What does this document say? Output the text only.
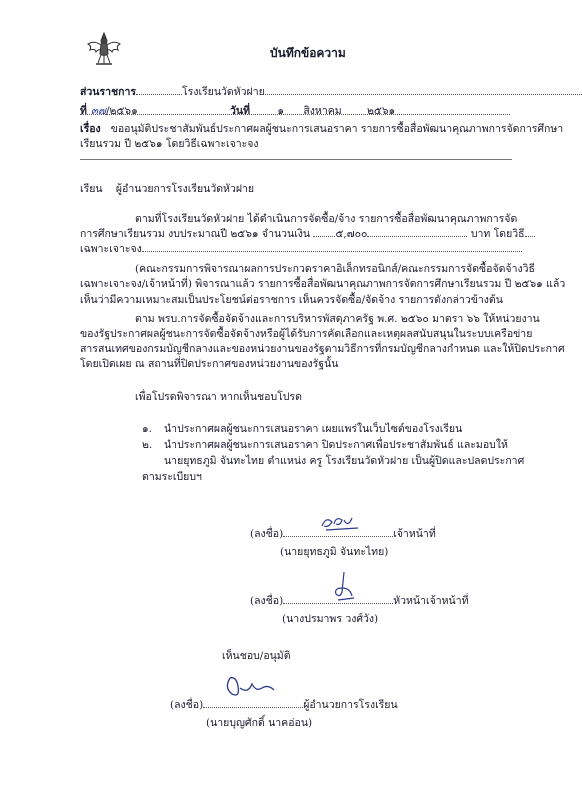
บันทึกข้อความ
ส่วนราชการ	โรงเรียนวัดหัวฝาย
ที่ ๓๗/๒๕๖๑	วันที่	๑ สิงหาคม ๒๕๖๑
เรื่อง ขออนุมัติประชาสัมพันธ์ประกาศผลผู้ชนะการเสนอราคา รายการซื้อสื่อพัฒนาคุณภาพการจัดการศึกษา
เรียนรวม ปี ๒๕๖๑ โดยวิธีเฉพาะเจาะจง
เรียน ผู้อำนวยการโรงเรียนวัดหัวฝาย
ตามที่โรงเรียนวัดหัวฝาย ได้ดำเนินการจัดซื้อ/จ้าง รายการซื้อสื่อพัฒนาคุณภาพการจัด
การศึกษาเรียนรวม งบประมาณปี ๒๕๖๑ จำนวนเงิน ๕,๗๐๐	บาท โดยวิธี
เฉพาะเจาะจง
(คณะกรรมการพิจารณาผลการประกวดราคาอิเล็กทรอนิกส์/คณะกรรมการจัดซื้อจัดจ้างวิธี
เฉพาะเจาะจง/เจ้าหน้าที่) พิจารณาแล้ว รายการซื้อสื่อพัฒนาคุณภาพการจัดการศึกษาเรียนรวม ปี ๒๕๖๑ แล้ว
เห็นว่ามีความเหมาะสมเป็นประโยชน์ต่อราชการ เห็นควรจัดซื้อ/จัดจ้าง รายการดังกล่าวข้างต้น
ตาม พรบ.การจัดซื้อจัดจ้างและการบริหารพัสดุภาครัฐ พ.ศ. ๒๕๖๐ มาตรา ๖๖ ให้หน่วยงาน
ของรัฐประกาศผลผู้ชนะการจัดซื้อจัดจ้างหรือผู้ได้รับการคัดเลือกและเหตุผลสนับสนุนในระบบเครือข่าย
สารสนเทศของกรมบัญชีกลางและของหน่วยงานของรัฐตามวิธีการที่กรมบัญชีกลางกำหนด และให้ปิดประกาศ
โดยเปิดเผย ณ สถานที่ปิดประกาศของหน่วยงานของรัฐนั้น
เพื่อโปรดพิจารณา หากเห็นชอบโปรด
๑. นำประกาศผลผู้ชนะการเสนอราคา เผยแพร่ในเว็บไซต์ของโรงเรียน
๒. นำประกาศผลผู้ชนะการเสนอราคา ปิดประกาศเพื่อประชาสัมพันธ์ และมอบให้
นายยุทธภูมิ จันทะไทย ตำแหน่ง ครู โรงเรียนวัดหัวฝาย เป็นผู้ปิดและปลดประกาศ
ตามระเบียบฯ
(ลงชื่อ)	เจ้าหน้าที่
(นายยุทธภูมิ จันทะไทย)
(ลงชื่อ)	หัวหน้าเจ้าหน้าที่
(นางปรมาพร วงศ์วัง)
เห็นชอบ/อนุมัติ
(ลงชื่อ)	ผู้อำนวยการโรงเรียน
(นายบุญศักดิ์ นาคอ่อน)
